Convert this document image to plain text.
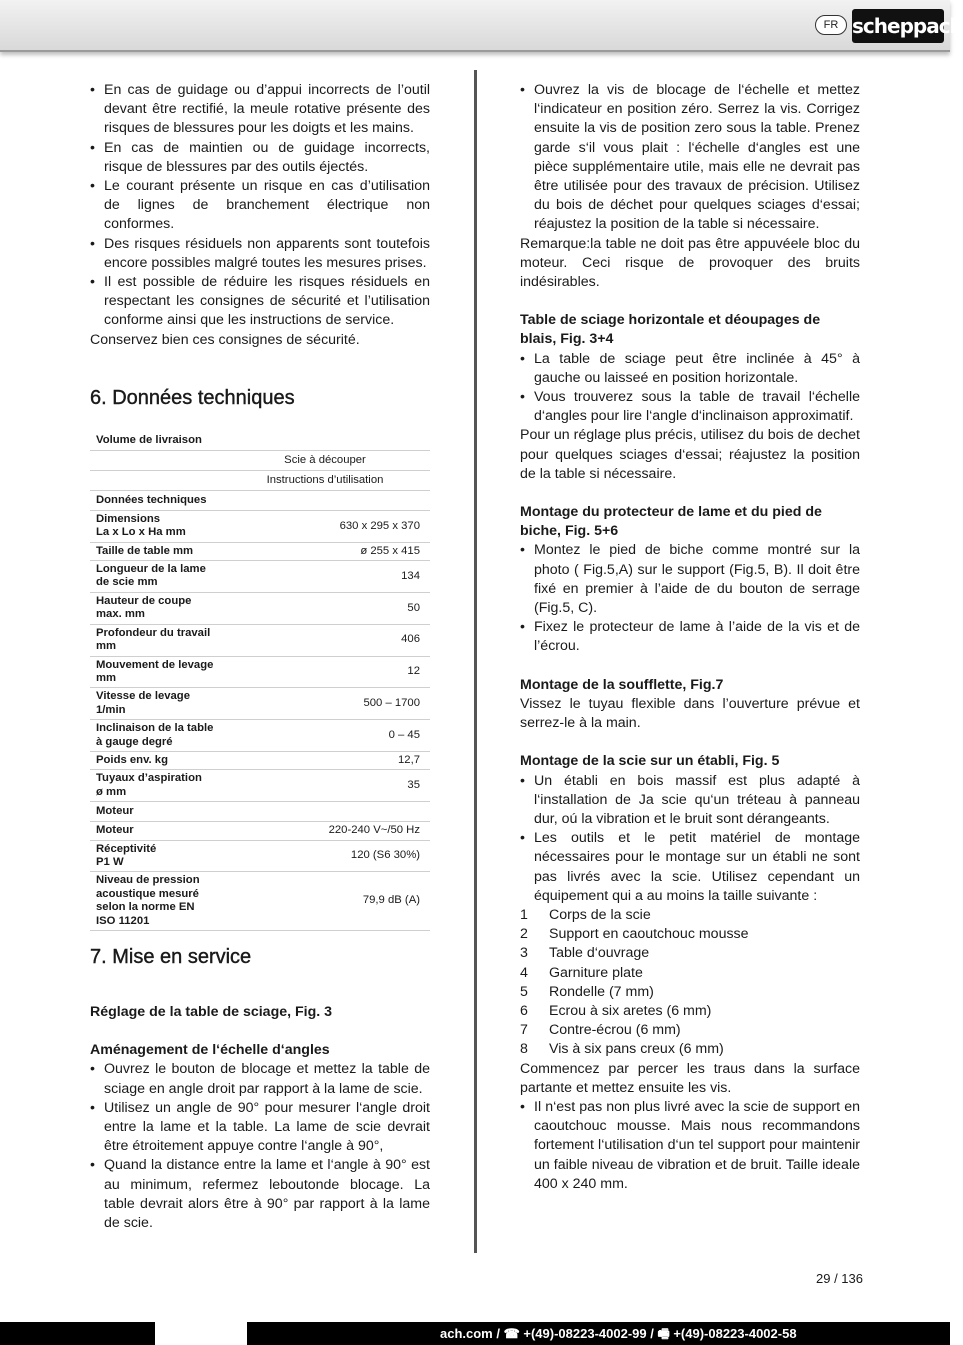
FR scheppach
• En cas de guidage ou d’appui incorrects de l’outil devant être rectifié, la meule rotative présente des risques de blessures pour les doigts et les mains.
• En cas de maintien ou de guidage incorrects, risque de blessures par des outils éjectés.
• Le courant présente un risque en cas d’utilisation de lignes de branchement électrique non conformes.
• Des risques résiduels non apparents sont toutefois encore possibles malgré toutes les mesures prises.
• Il est possible de réduire les risques résiduels en respectant les consignes de sécurité et l’utilisation conforme ainsi que les instructions de service.

Conservez bien ces consignes de sécurité.

6. Données techniques
Volume de livraison	
	Scie à découper
	Instructions d’utilisation
Données techniques	
Dimensions
La x Lo x Ha mm	630 x 295 x 370
Taille de table mm	ø 255 x 415
Longueur de la lame de scie mm	134
Hauteur de coupe max. mm	50
Profondeur du travail mm	406
Mouvement de levage mm	12
Vitesse de levage 1/min	500 – 1700
Inclinaison de la table à gauge degré	0 – 45
Poids env. kg	12,7
Tuyaux d’aspiration
ø mm	35
Moteur	
Moteur	220-240 V~/50 Hz
Réceptivité
P1 W	120 (S6 30%)
Niveau de pression acoustique mesuré selon la norme EN ISO 11201	79,9 dB (A)
7. Mise en service

Réglage de la table de sciage, Fig. 3

Aménagement de l‘échelle d‘angles

• Ouvrez le bouton de blocage et mettez la table de sciage en angle droit par rapport à la lame de scie.
• Utilisez un angle de 90° pour mesurer l‘angle droit entre la lame et la table. La lame de scie devrait être étroitement appuye contre l‘angle à 90°,
• Quand la distance entre la lame et l‘angle à 90° est au minimum, refermez leboutonde blocage. La table devrait alors être à 90° par rapport à la lame de scie.
• Ouvrez la vis de blocage de l‘échelle et mettez l‘indicateur en position zéro. Serrez la vis. Corrigez ensuite la vis de position zero sous la table. Prenez garde s‘il vous plait : l‘échelle d‘angles est une pièce supplémentaire utile, mais elle ne devrait pas être utilisée pour des travaux de précision. Utilisez du bois de déchet pour quelques sciages d‘essai; réajustez la position de la table si nécessaire.

Remarque:la table ne doit pas être appuvéele bloc du moteur. Ceci risque de provoquer des bruits indésirables.

Table de sciage horizontale et déoupages de blais, Fig. 3+4

• La table de sciage peut être inclinée à 45° à gauche ou laisseé en position horizontale.
• Vous trouverez sous la table de travail l‘échelle d‘angles pour lire l‘angle d‘inclinaison approximatif.

Pour un réglage plus précis, utilisez du bois de dechet pour quelques sciages d‘essai; réajustez la position de la table si nécessaire.

Montage du protecteur de lame et du pied de biche, Fig. 5+6

• Montez le pied de biche comme montré sur la photo ( Fig.5,A) sur le support (Fig.5, B). Il doit être fixé en premier à l’aide de du bouton de serrage (Fig.5, C).
• Fixez le protecteur de lame à l’aide de la vis et de l’écrou.

Montage de la soufflette, Fig.7

Vissez le tuyau flexible dans l’ouverture prévue et serrez-le à la main.

Montage de la scie sur un établi, Fig. 5

• Un établi en bois massif est plus adapté à l‘installation de Ja scie qu‘un tréteau à panneau dur, oú la vibration et le bruit sont dérangeants.
• Les outils et le petit matériel de montage nécessaires pour le montage sur un établi ne sont pas livrés avec la scie. Utilisez cependant un équipement qui a au moins la taille suivante :
1 Corps de la scie
2 Support en caoutchouc mousse
3 Table d‘ouvrage
4 Garniture plate
5 Rondelle (7 mm)
6 Ecrou à six aretes (6 mm)
7 Contre-écrou (6 mm)
8 Vis à six pans creux (6 mm)

Commencez par percer les traus dans la surface partante et mettez ensuite les vis.

• Il n‘est pas non plus livré avec la scie de support en caoutchouc mousse. Mais nous recommandons fortement l‘utilisation d‘un tel support pour maintenir un faible niveau de vibration et de bruit. Taille ideale 400 x 240 mm.
29 / 136
ach.com / ☎ +(49)-08223-4002-99 / 🖷 +(49)-08223-4002-58
